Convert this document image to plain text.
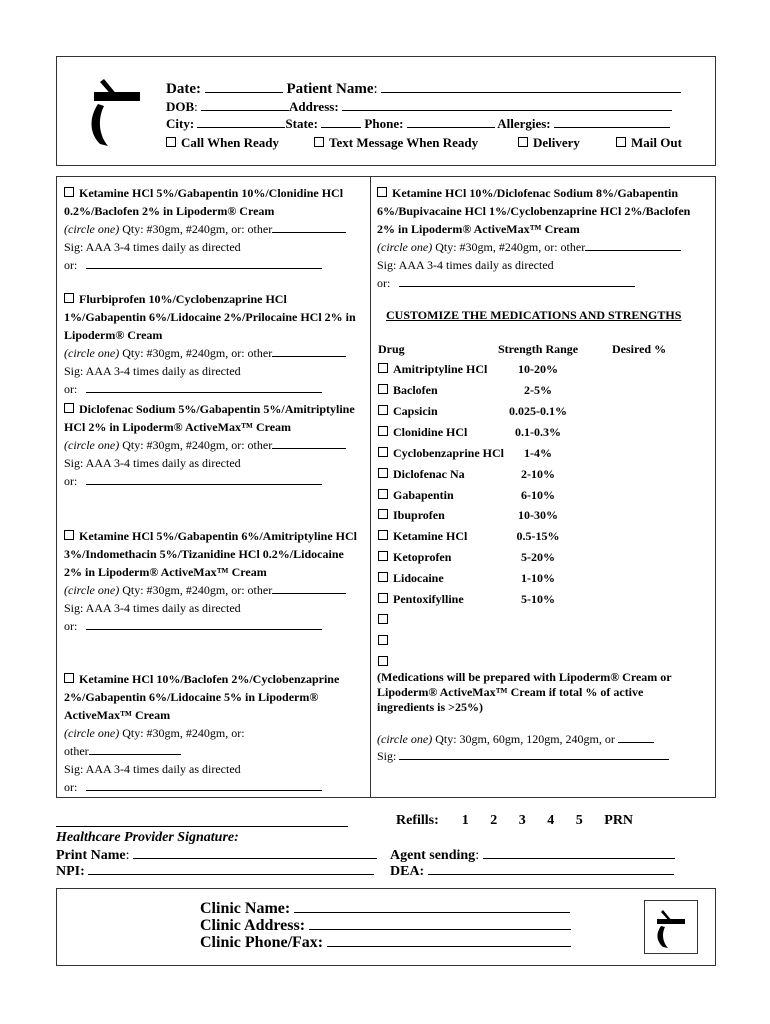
Date:	Patient Name:
DOB:	Address:
City:	State:	Phone:	Allergies:
Call When Ready	Text Message When Ready	Delivery	Mail Out
Ketamine HCl 5%/Gabapentin 10%/Clonidine HCl 0.2%/Baclofen 2% in Lipoderm® Cream
(circle one) Qty: #30gm, #240gm, or: other
Sig: AAA 3-4 times daily as directed
or:
Flurbiprofen 10%/Cyclobenzaprine HCl 1%/Gabapentin 6%/Lidocaine 2%/Prilocaine HCl 2% in Lipoderm® Cream
(circle one) Qty: #30gm, #240gm, or: other
Sig: AAA 3-4 times daily as directed
or:
Diclofenac Sodium 5%/Gabapentin 5%/Amitriptyline HCl 2% in Lipoderm® ActiveMax™ Cream
(circle one) Qty: #30gm, #240gm, or: other
Sig: AAA 3-4 times daily as directed
or:
Ketamine HCl 5%/Gabapentin 6%/Amitriptyline HCl 3%/Indomethacin 5%/Tizanidine HCl 0.2%/Lidocaine 2% in Lipoderm® ActiveMax™ Cream
(circle one) Qty: #30gm, #240gm, or: other
Sig: AAA 3-4 times daily as directed
or:
Ketamine HCl 10%/Baclofen 2%/Cyclobenzaprine 2%/Gabapentin 6%/Lidocaine 5% in Lipoderm® ActiveMax™ Cream
(circle one) Qty: #30gm, #240gm, or:
other
Sig: AAA 3-4 times daily as directed
or:
Ketamine HCl 10%/Diclofenac Sodium 8%/Gabapentin 6%/Bupivacaine HCl 1%/Cyclobenzaprine HCl 2%/Baclofen 2% in Lipoderm® ActiveMax™ Cream
(circle one) Qty: #30gm, #240gm, or: other
Sig: AAA 3-4 times daily as directed
or:
CUSTOMIZE THE MEDICATIONS AND STRENGTHS
Drug	Strength Range	Desired %
Amitriptyline HCl	10-20%
Baclofen	2-5%
Capsicin	0.025-0.1%
Clonidine HCl	0.1-0.3%
Cyclobenzaprine HCl	1-4%
Diclofenac Na	2-10%
Gabapentin	6-10%
Ibuprofen	10-30%
Ketamine HCl	0.5-15%
Ketoprofen	5-20%
Lidocaine	1-10%
Pentoxifylline	5-10%
(Medications will be prepared with Lipoderm® Cream or Lipoderm® ActiveMax™ Cream if total % of active ingredients is >25%)
(circle one) Qty: 30gm, 60gm, 120gm, 240gm, or
Sig:
Refills: 1 2 3 4 5 PRN
Healthcare Provider Signature:
Print Name:
NPI:
Agent sending:
DEA:
Clinic Name:
Clinic Address:
Clinic Phone/Fax:
